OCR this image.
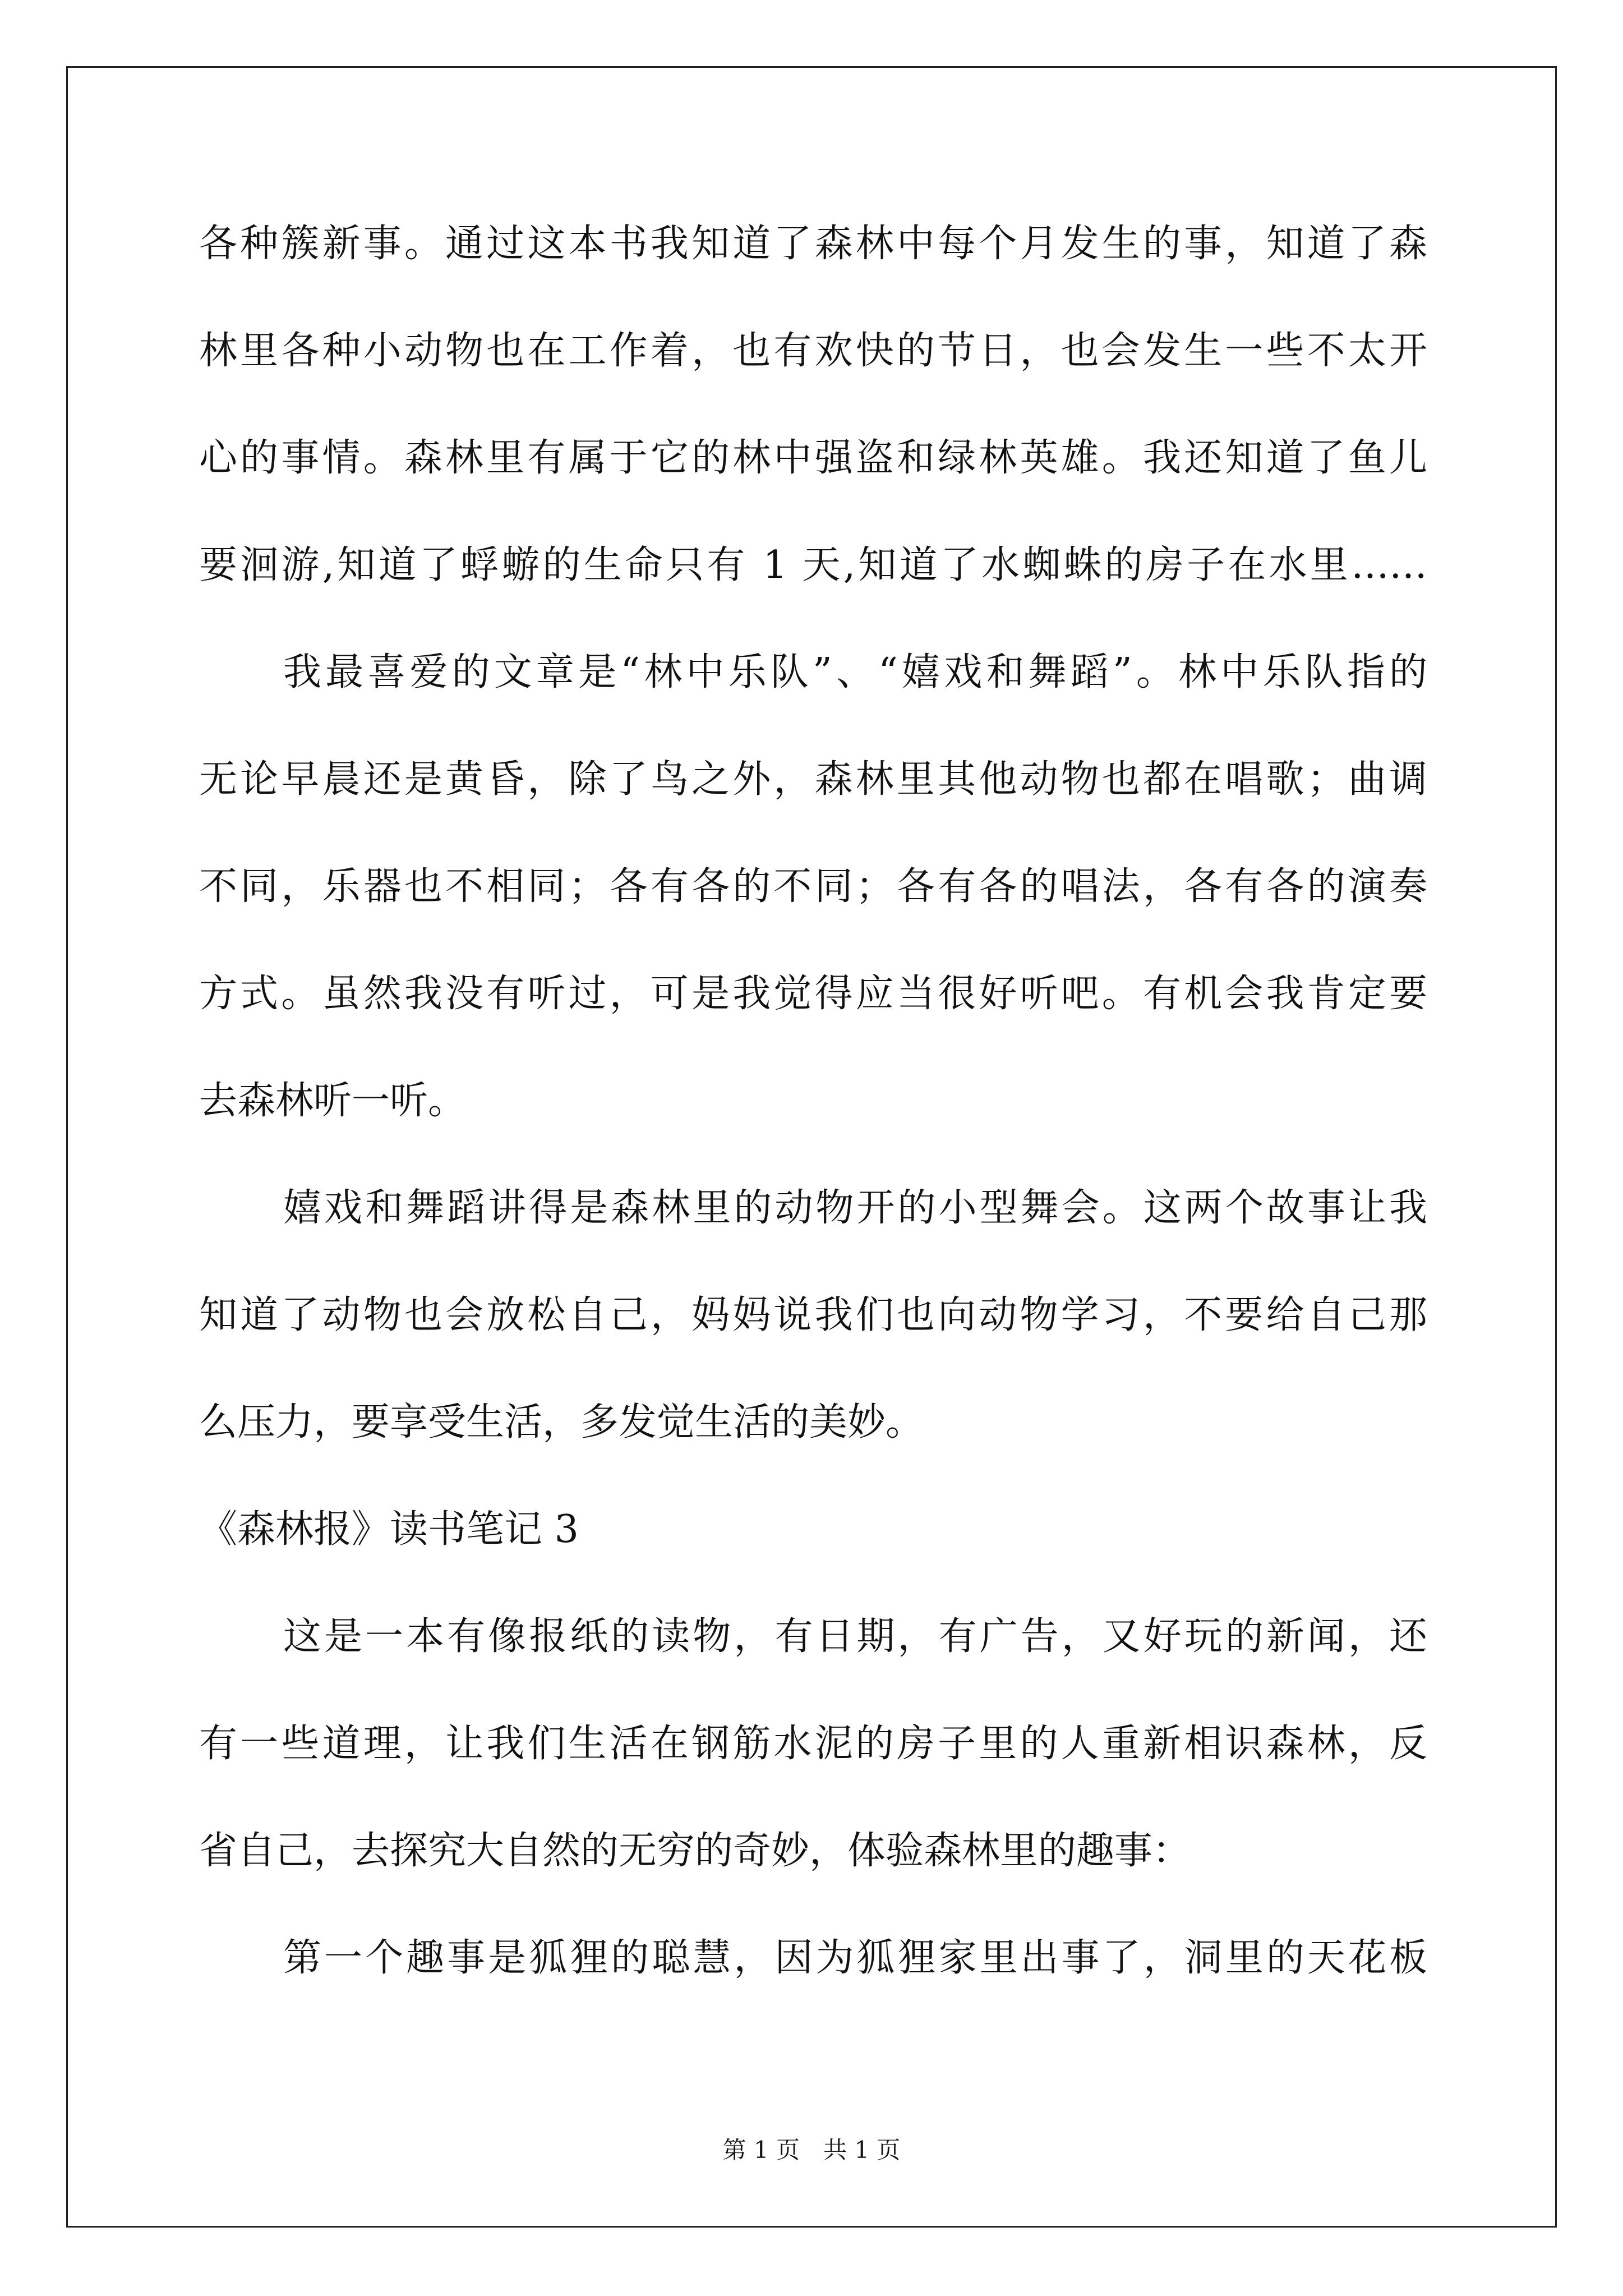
各种簇新事。通过这本书我知道了森林中每个月发生的事，知道了森
林里各种小动物也在工作着，也有欢快的节日，也会发生一些不太开
心的事情。森林里有属于它的林中强盗和绿林英雄。我还知道了鱼儿
要洄游,知道了蜉蝣的生命只有 1 天,知道了水蜘蛛的房子在水里……
我最喜爱的文章是“林中乐队”、“嬉戏和舞蹈”。林中乐队指的
无论早晨还是黄昏，除了鸟之外，森林里其他动物也都在唱歌；曲调
不同，乐器也不相同；各有各的不同；各有各的唱法，各有各的演奏
方式。虽然我没有听过，可是我觉得应当很好听吧。有机会我肯定要
去森林听一听。
嬉戏和舞蹈讲得是森林里的动物开的小型舞会。这两个故事让我
知道了动物也会放松自己，妈妈说我们也向动物学习，不要给自己那
么压力，要享受生活，多发觉生活的美妙。
《森林报》读书笔记 3
这是一本有像报纸的读物，有日期，有广告，又好玩的新闻，还
有一些道理，让我们生活在钢筋水泥的房子里的人重新相识森林，反
省自己，去探究大自然的无穷的奇妙，体验森林里的趣事：
第一个趣事是狐狸的聪慧，因为狐狸家里出事了，洞里的天花板
第 1 页　共 1 页
